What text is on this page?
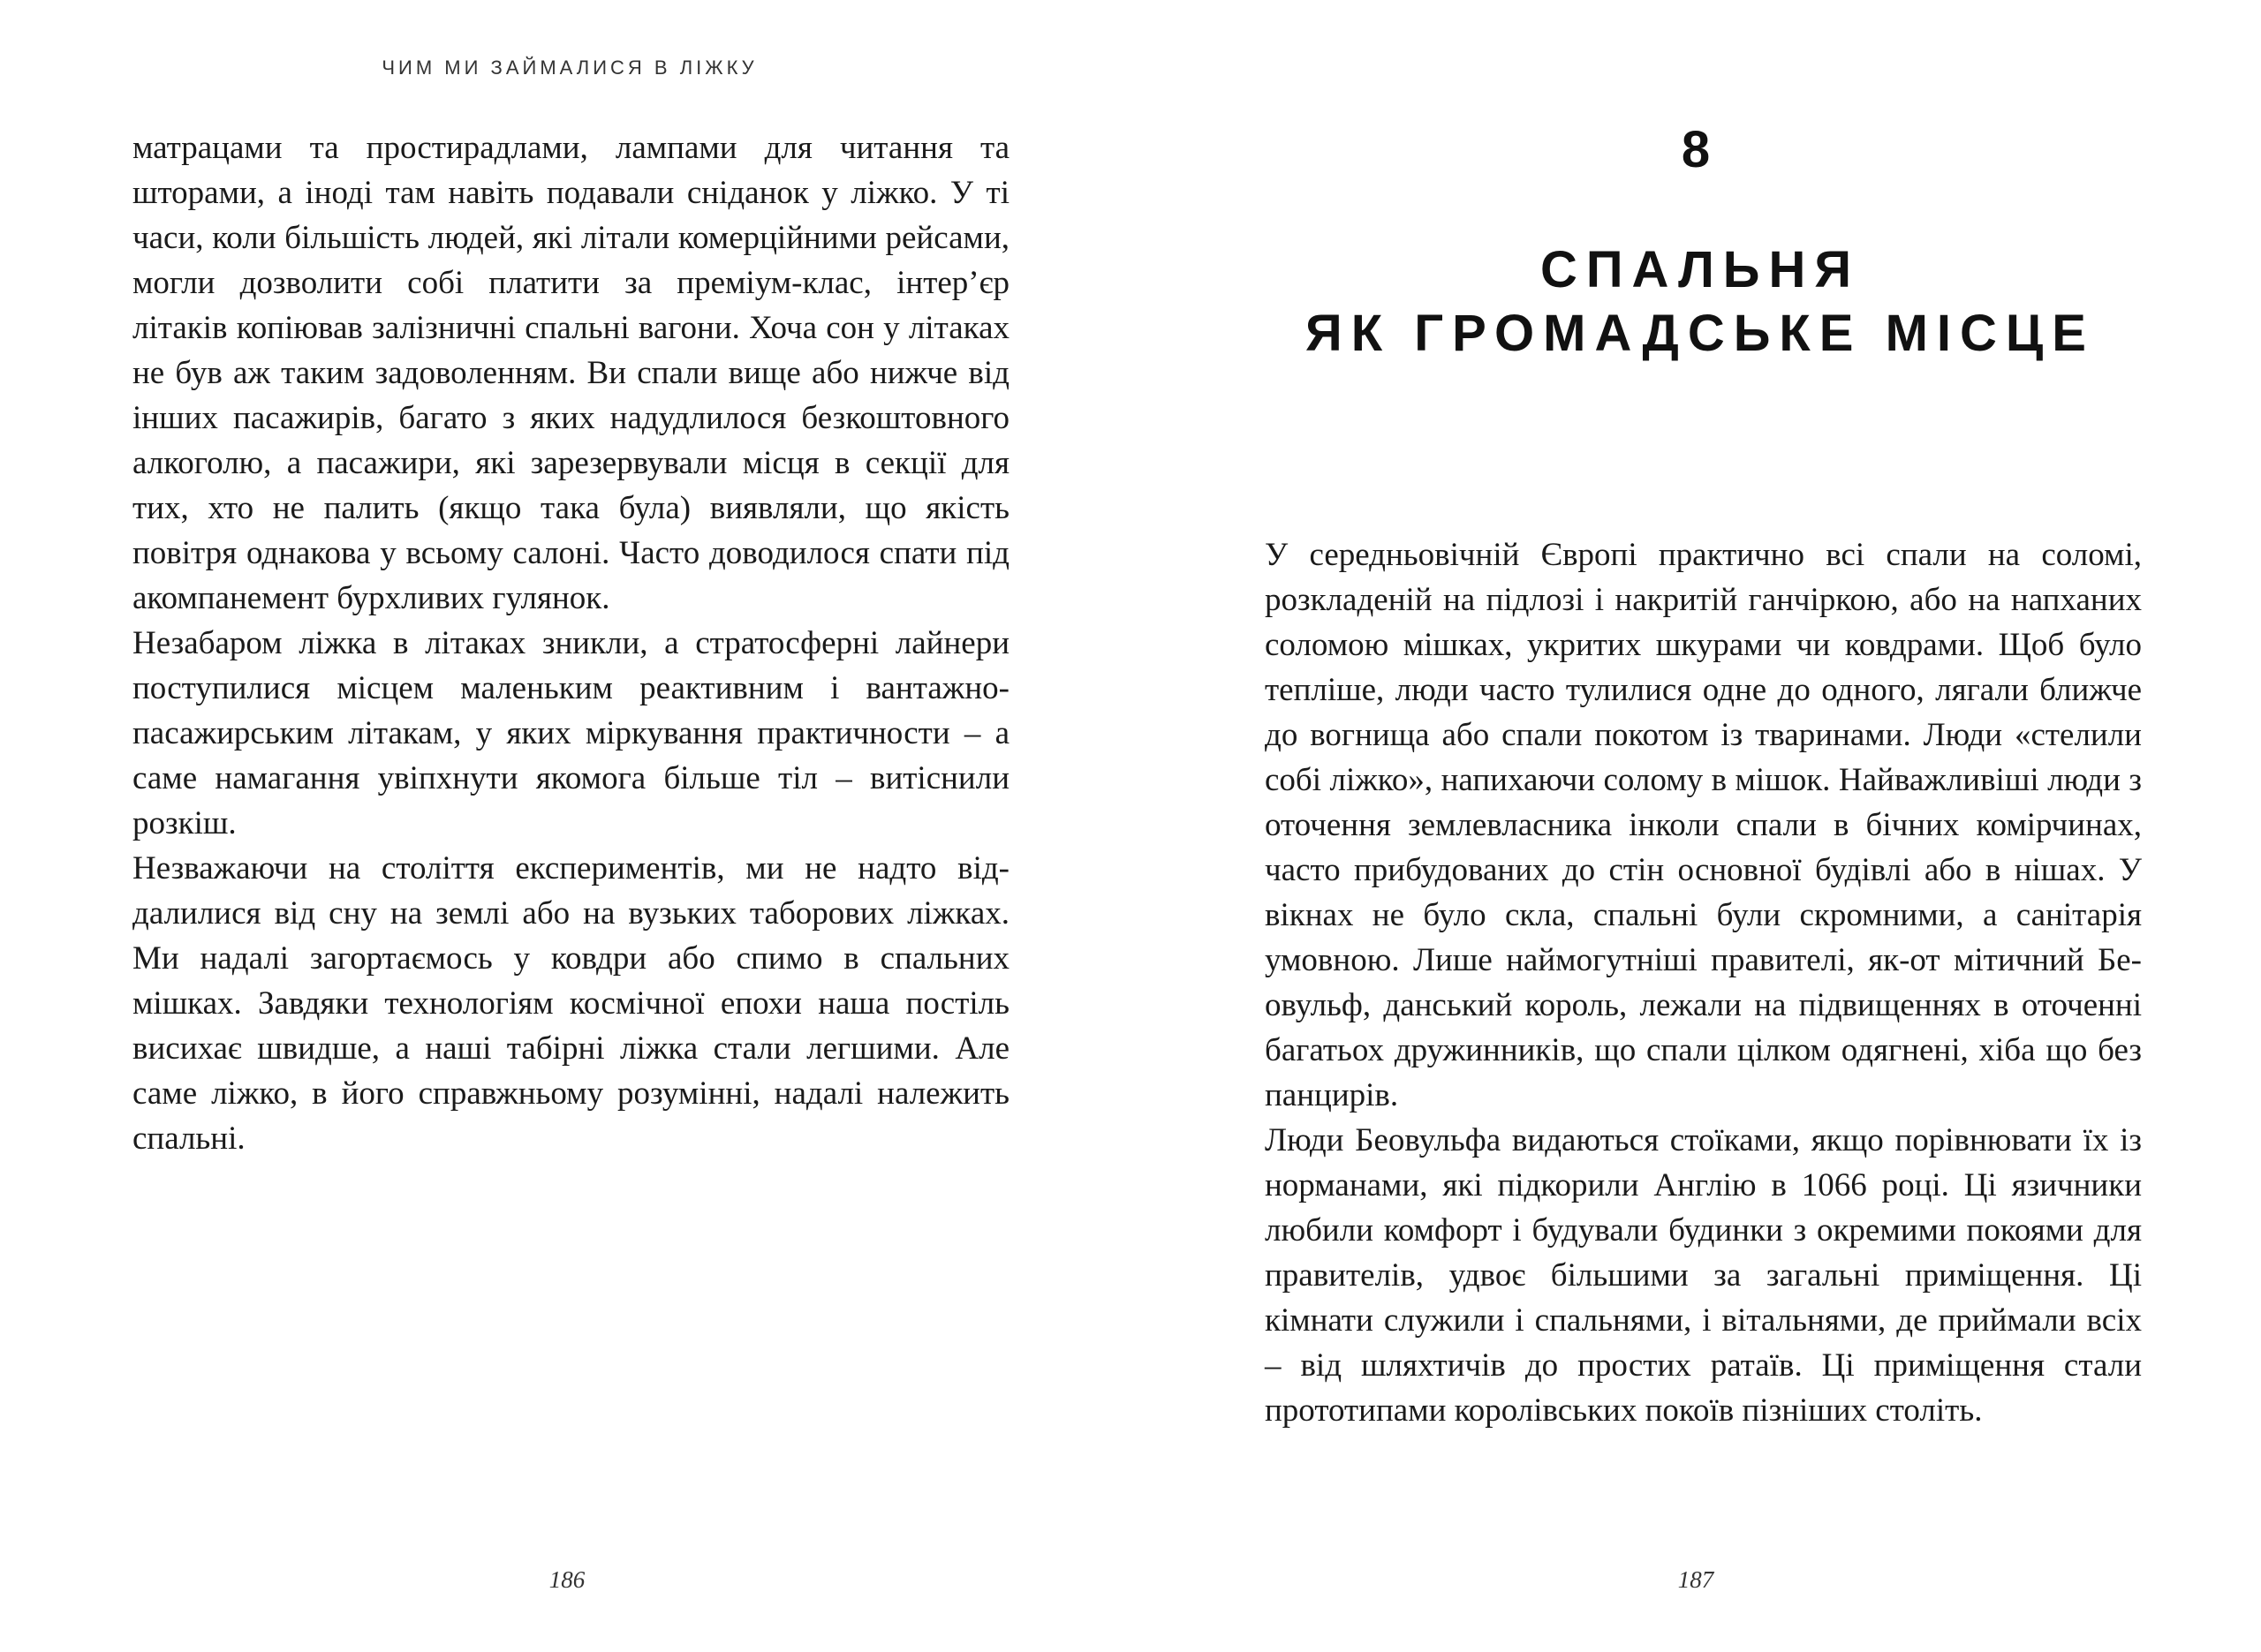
ЧИМ МИ ЗАЙМАЛИСЯ В ЛІЖКУ

матрацами та простирадлами, лампами для читання та шторами, а іноді там навіть подавали сніданок у ліжко. У ті часи, коли більшість людей, які літали комерційними рейсами, могли дозволити собі платити за преміум-клас, інтер’єр літаків копіював залізничні спальні вагони. Хоча сон у літаках не був аж таким задоволенням. Ви спали вище або нижче від інших пасажирів, багато з яких надудлилося безкоштовного алкоголю, а пасажири, які зарезервували місця в секції для тих, хто не палить (якщо така була) виявляли, що якість повітря однакова у всьому салоні. Часто доводилося спати під акомпанемент бурхливих гулянок.

Незабаром ліжка в літаках зникли, а стратосферні лайнери поступилися місцем маленьким реактивним і вантажно-пасажирським літакам, у яких міркування практичности – а саме намагання увіпхнути якомога більше тіл – витіснили розкіш.

Незважаючи на століття експериментів, ми не надто віддалилися від сну на землі або на вузьких таборових ліжках. Ми надалі загортаємось у ковдри або спимо в спальних мішках. Завдяки технологіям космічної епохи наша постіль висихає швидше, а наші табірні ліжка стали легшими. Але саме ліжко, в його справжньому розумінні, надалі належить спальні.

186
8
СПАЛЬНЯ
ЯК ГРОМАДСЬКЕ МІСЦЕ

У середньовічній Європі практично всі спали на соломі, розкладеній на підлозі і накритій ганчіркою, або на напханих соломою мішках, укритих шкурами чи ковдрами. Щоб було тепліше, люди часто тулилися одне до одного, лягали ближче до вогнища або спали покотом із тваринами. Люди «стелили собі ліжко», напихаючи солому в мішок. Найважливіші люди з оточення землевласника інколи спали в бічних комірчинах, часто прибудованих до стін основної будівлі або в нішах. У вікнах не було скла, спальні були скромними, а санітарія умовною. Лише наймогутніші правителі, як-от мітичний Беовульф, данський король, лежали на підвищеннях в оточенні багатьох дружинників, що спали цілком одягнені, хіба що без панцирів.

Люди Беовульфа видаються стоїками, якщо порівнювати їх із норманами, які підкорили Англію в 1066 році. Ці язичники любили комфорт і будували будинки з окремими покоями для правителів, удвоє більшими за загальні приміщення. Ці кімнати служили і спальнями, і вітальнями, де приймали всіх – від шляхтичів до простих ратаїв. Ці приміщення стали прототипами королівських покоїв пізніших століть.

187
